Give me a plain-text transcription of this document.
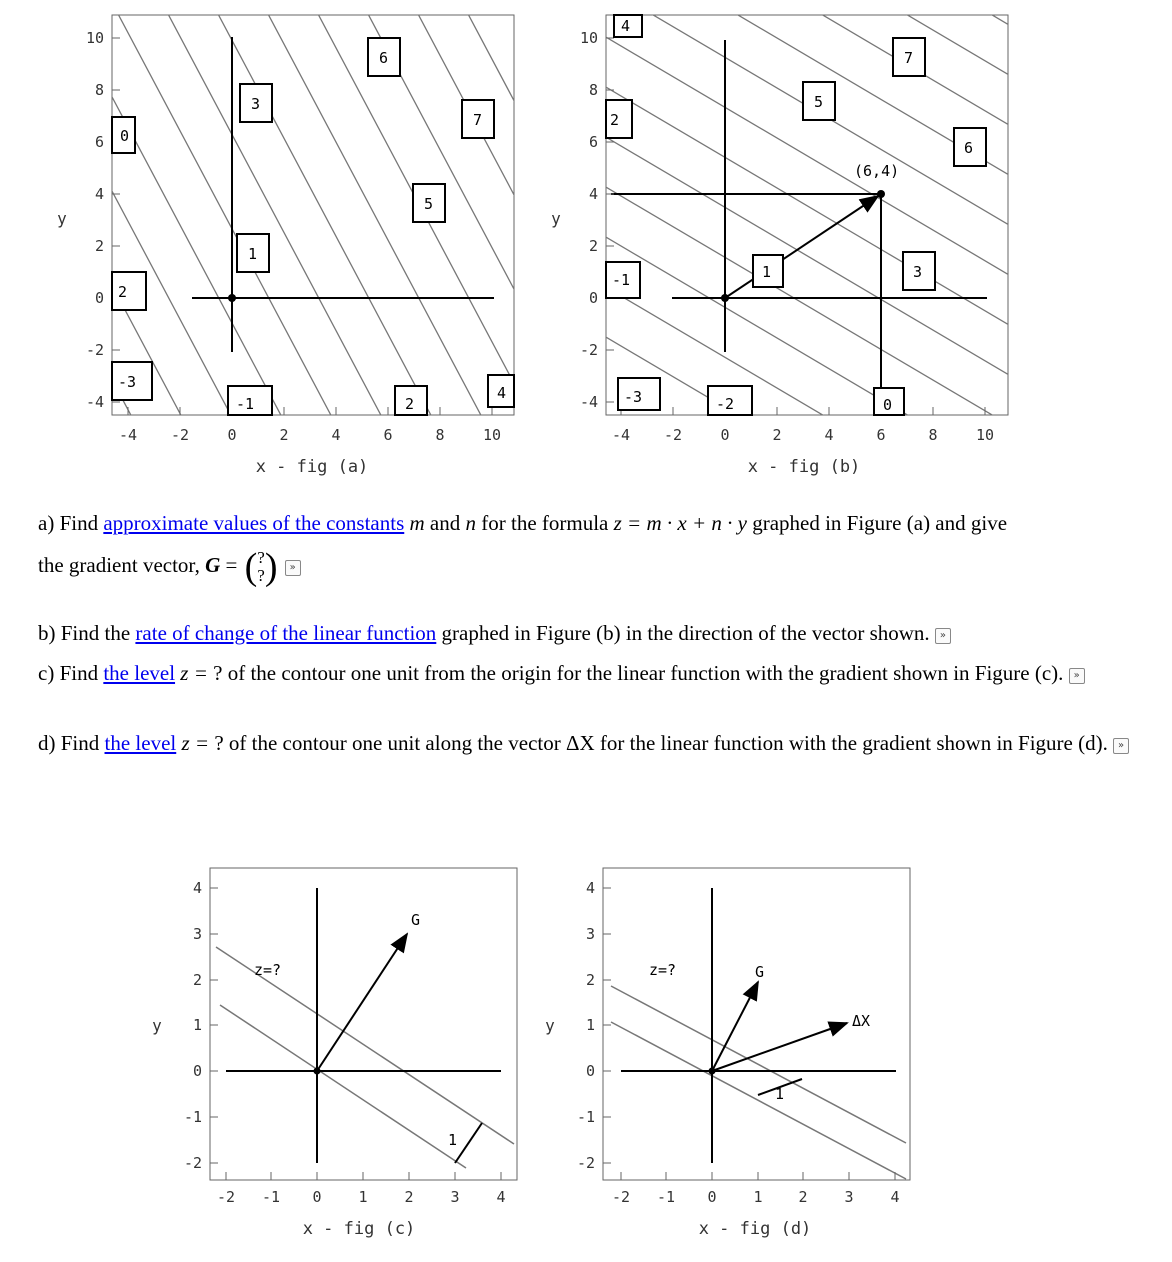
-4 -2	0	2	4	6	8	10
10
8
6
4
2
0
-2
-4
y
x - fig (a)
0
3
6
7
5
1
2
-3
-1	2
4
(6,4)
-4 -2	0	2	4	6	8	10
10
8
6
4
2
0
-2
-4
y
x - fig (b)
4
7
5
2
6
1	3
-1
-3	-2	0
a) Find approximate values of the constants m and n for the formula z = m · x + n · y graphed in Figure (a) and give
the gradient vector, G = (?
?) »
b) Find the rate of change of the linear function graphed in Figure (b) in the direction of the vector shown. »
c) Find the level z = ? of the contour one unit from the origin for the linear function with the gradient shown in Figure (c). »
d) Find the level z = ? of the contour one unit along the vector ΔX for the linear function with the gradient shown in Figure (d). »
z=?
G
1
-2 -1 0 1 2 3 4
4
3
2
1
0
-1
-2
y
x - fig (c)
z=?	G
ΔX
1
-2 -1 0 1 2 3 4
4
3
2
1
0
-1
-2
y
x - fig (d)
